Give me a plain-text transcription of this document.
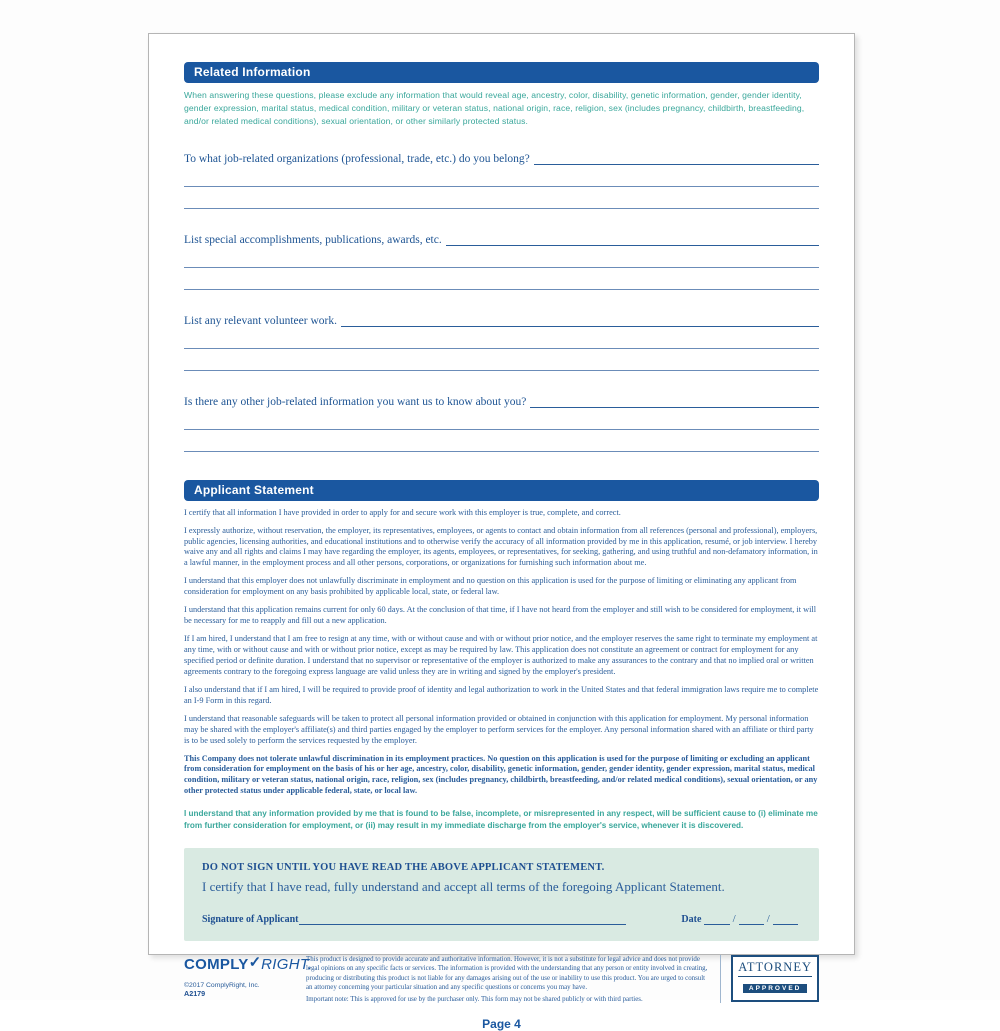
Related Information
When answering these questions, please exclude any information that would reveal age, ancestry, color, disability, genetic information, gender, gender identity, gender expression, marital status, medical condition, military or veteran status, national origin, race, religion, sex (includes pregnancy, childbirth, breastfeeding, and/or related medical conditions), sexual orientation, or other similarly protected status.
To what job-related organizations (professional, trade, etc.) do you belong?
List special accomplishments, publications, awards, etc.
List any relevant volunteer work.
Is there any other job-related information you want us to know about you?
Applicant Statement
I certify that all information I have provided in order to apply for and secure work with this employer is true, complete, and correct.
I expressly authorize, without reservation, the employer, its representatives, employees, or agents to contact and obtain information from all references (personal and professional), employers, public agencies, licensing authorities, and educational institutions and to otherwise verify the accuracy of all information provided by me in this application, resumé, or job interview. I hereby waive any and all rights and claims I may have regarding the employer, its agents, employees, or representatives, for seeking, gathering, and using truthful and non-defamatory information, in a lawful manner, in the employment process and all other persons, corporations, or organizations for furnishing such information about me.
I understand that this employer does not unlawfully discriminate in employment and no question on this application is used for the purpose of limiting or eliminating any applicant from consideration for employment on any basis prohibited by applicable local, state, or federal law.
I understand that this application remains current for only 60 days. At the conclusion of that time, if I have not heard from the employer and still wish to be considered for employment, it will be necessary for me to reapply and fill out a new application.
If I am hired, I understand that I am free to resign at any time, with or without cause and with or without prior notice, and the employer reserves the same right to terminate my employment at any time, with or without cause and with or without prior notice, except as may be required by law. This application does not constitute an agreement or contract for employment for any specified period or definite duration. I understand that no supervisor or representative of the employer is authorized to make any assurances to the contrary and that no implied oral or written agreements contrary to the foregoing express language are valid unless they are in writing and signed by the employer's president.
I also understand that if I am hired, I will be required to provide proof of identity and legal authorization to work in the United States and that federal immigration laws require me to complete an I-9 Form in this regard.
I understand that reasonable safeguards will be taken to protect all personal information provided or obtained in conjunction with this application for employment. My personal information may be shared with the employer's affiliate(s) and third parties engaged by the employer to perform services for the employer. Any personal information shared with an affiliate or third party is to be used solely to perform the services requested by the employer.
This Company does not tolerate unlawful discrimination in its employment practices. No question on this application is used for the purpose of limiting or excluding an applicant from consideration for employment on the basis of his or her age, ancestry, color, disability, genetic information, gender, gender identity, gender expression, marital status, medical condition, military or veteran status, national origin, race, religion, sex (includes pregnancy, childbirth, breastfeeding, and/or related medical conditions), sexual orientation, or any other protected status under applicable federal, state, or local law.
I understand that any information provided by me that is found to be false, incomplete, or misrepresented in any respect, will be sufficient cause to (i) eliminate me from further consideration for employment, or (ii) may result in my immediate discharge from the employer's service, whenever it is discovered.
DO NOT SIGN UNTIL YOU HAVE READ THE ABOVE APPLICANT STATEMENT.
I certify that I have read, fully understand and accept all terms of the foregoing Applicant Statement.
Signature of Applicant	Date	/	/
COMPLY✓RIGHT.
©2017 ComplyRight, Inc.
A2179
This product is designed to provide accurate and authoritative information. However, it is not a substitute for legal advice and does not provide legal opinions on any specific facts or services. The information is provided with the understanding that any person or entity involved in creating, producing or distributing this product is not liable for any damages arising out of the use or inability to use this product. You are urged to consult an attorney concerning your particular situation and any specific questions or concerns you may have.
Important note: This is approved for use by the purchaser only. This form may not be shared publicly or with third parties.
ATTORNEY
APPROVED
Page 4
